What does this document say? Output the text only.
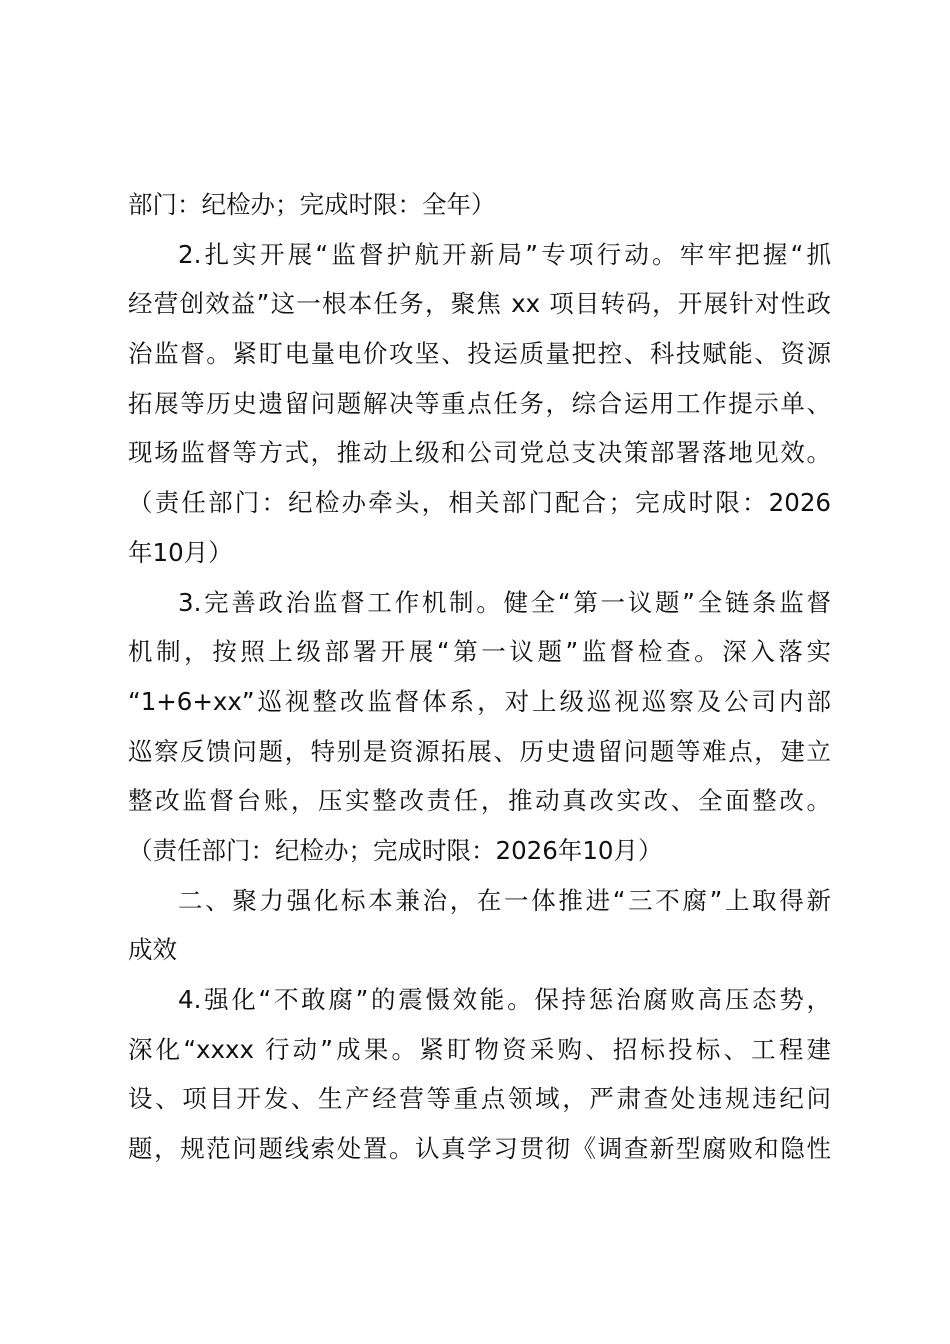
部门：纪检办；完成时限：全年）
2.扎实开展“监督护航开新局”专项行动。牢牢把握“抓
经营创效益”这一根本任务，聚焦 xx 项目转码，开展针对性政
治监督。紧盯电量电价攻坚、投运质量把控、科技赋能、资源
拓展等历史遗留问题解决等重点任务，综合运用工作提示单、
现场监督等方式，推动上级和公司党总支决策部署落地见效。
（责任部门：纪检办牵头，相关部门配合；完成时限：2026
年10月）
3.完善政治监督工作机制。健全“第一议题”全链条监督
机制，按照上级部署开展“第一议题”监督检查。深入落实
“1+6+xx”巡视整改监督体系，对上级巡视巡察及公司内部
巡察反馈问题，特别是资源拓展、历史遗留问题等难点，建立
整改监督台账，压实整改责任，推动真改实改、全面整改。
（责任部门：纪检办；完成时限：2026年10月）
二、聚力强化标本兼治，在一体推进“三不腐”上取得新
成效
4.强化“不敢腐”的震慑效能。保持惩治腐败高压态势，
深化“xxxx 行动”成果。紧盯物资采购、招标投标、工程建
设、项目开发、生产经营等重点领域，严肃查处违规违纪问
题，规范问题线索处置。认真学习贯彻《调查新型腐败和隐性
